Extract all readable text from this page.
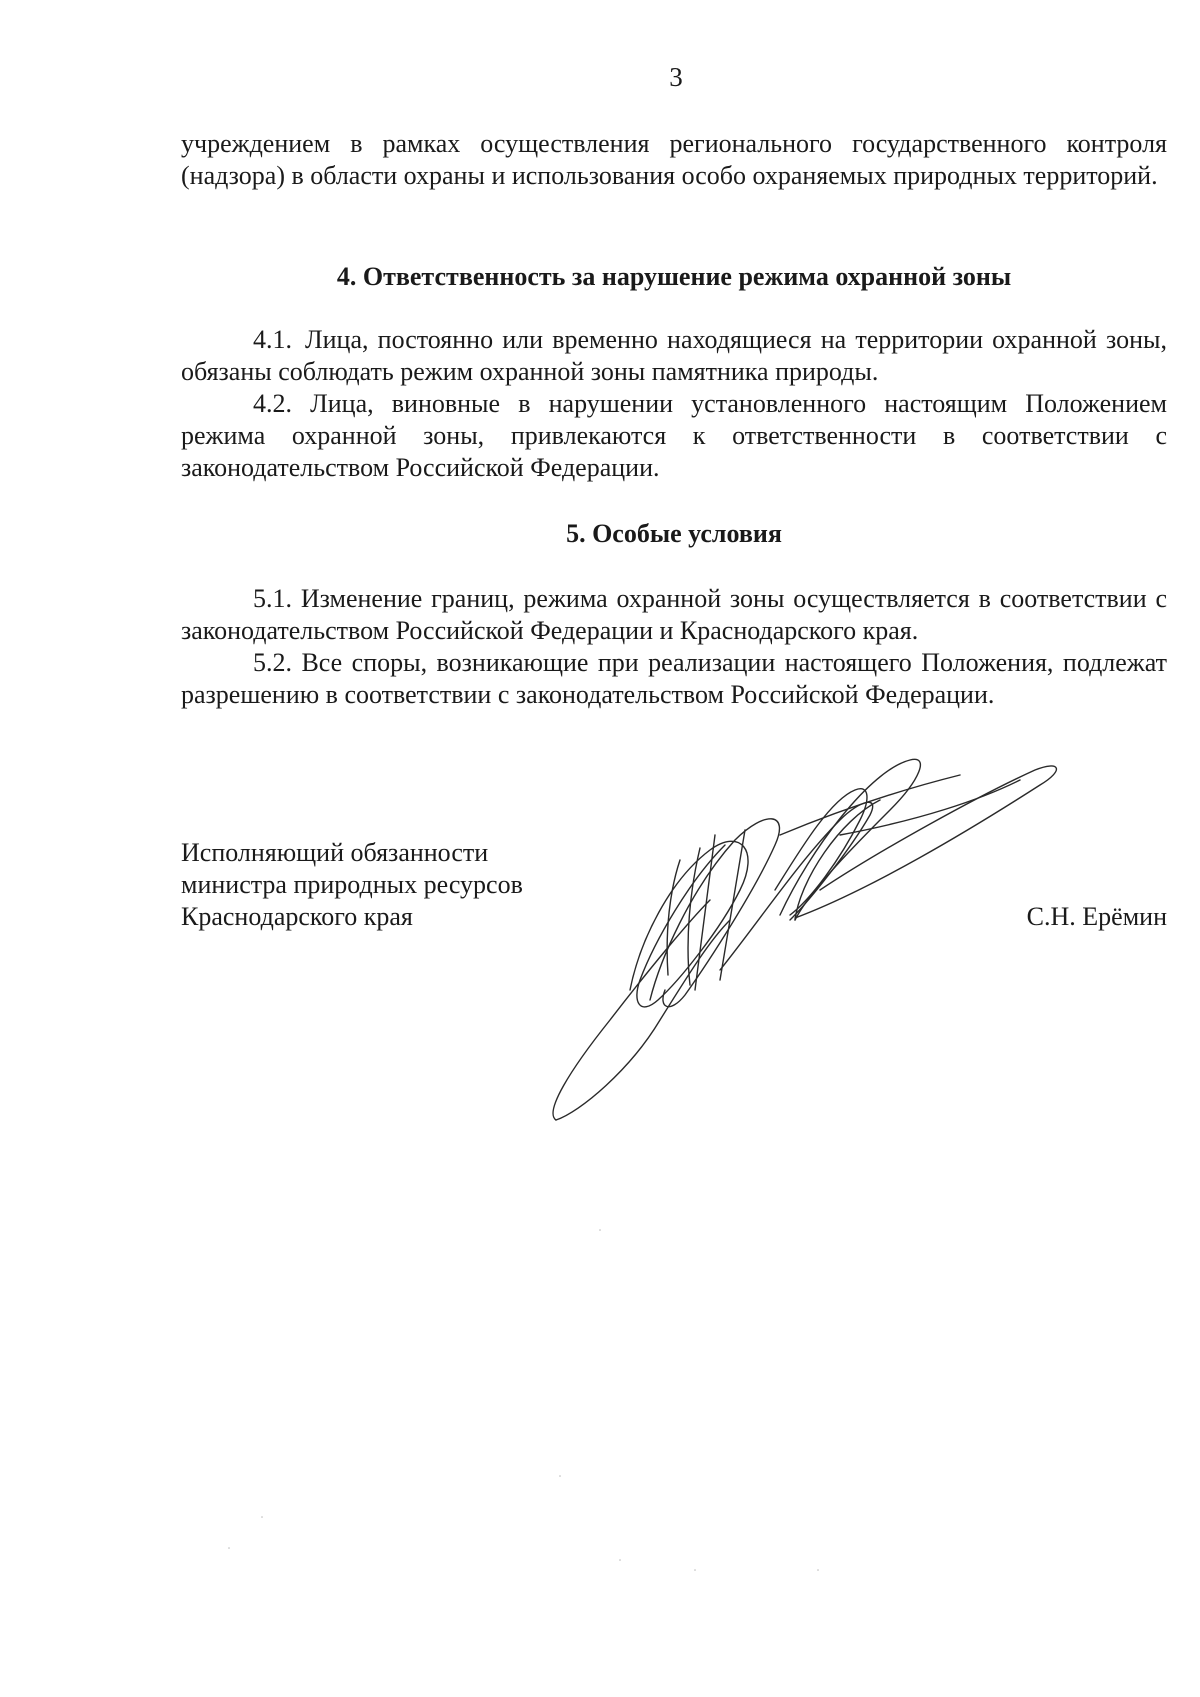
3

учреждением в рамках осуществления регионального государственного контроля (надзора) в области охраны и использования особо охраняемых природных территорий.

4. Ответственность за нарушение режима охранной зоны

4.1. Лица, постоянно или временно находящиеся на территории охранной зоны, обязаны соблюдать режим охранной зоны памятника природы.

4.2. Лица, виновные в нарушении установленного настоящим Положением режима охранной зоны, привлекаются к ответственности в соответствии с законодательством Российской Федерации.

5. Особые условия

5.1. Изменение границ, режима охранной зоны осуществляется в соответствии с законодательством Российской Федерации и Краснодарского края.

5.2. Все споры, возникающие при реализации настоящего Положения, подлежат разрешению в соответствии с законодательством Российской Федерации.

Исполняющий обязанности
министра природных ресурсов
Краснодарского края	С.Н. Ерёмин
